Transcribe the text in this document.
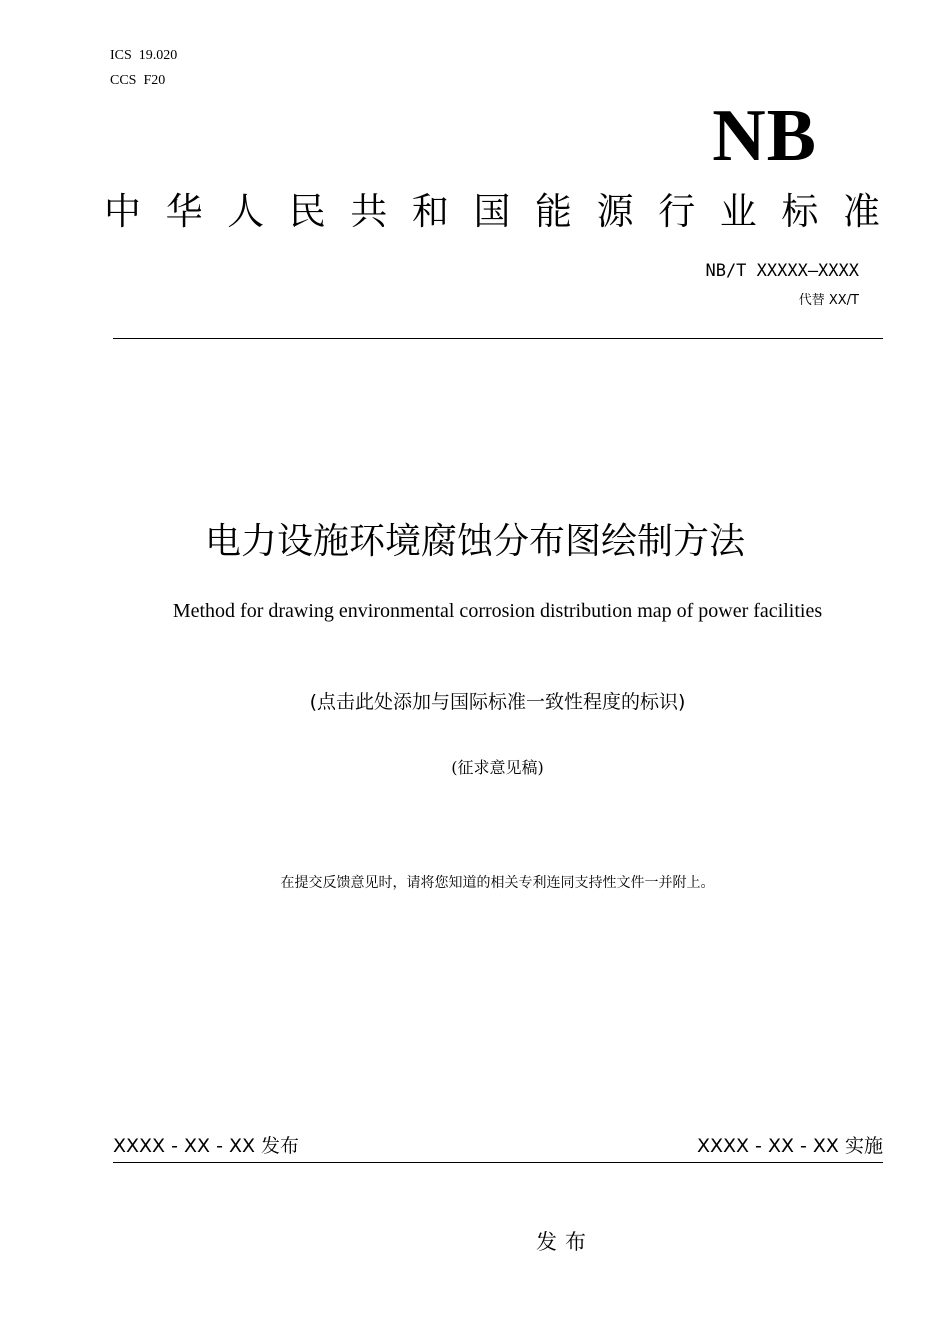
ICS  19.020
CCS  F20
NB
中 华 人 民 共 和 国 能 源 行 业 标 准
NB/T XXXXX—XXXX
代替 XX/T
电力设施环境腐蚀分布图绘制方法
Method for drawing environmental corrosion distribution map of power facilities
(点击此处添加与国际标准一致性程度的标识)
(征求意见稿)
在提交反馈意见时，请将您知道的相关专利连同支持性文件一并附上。
XXXX - XX - XX 发布	XXXX - XX - XX 实施
发布
